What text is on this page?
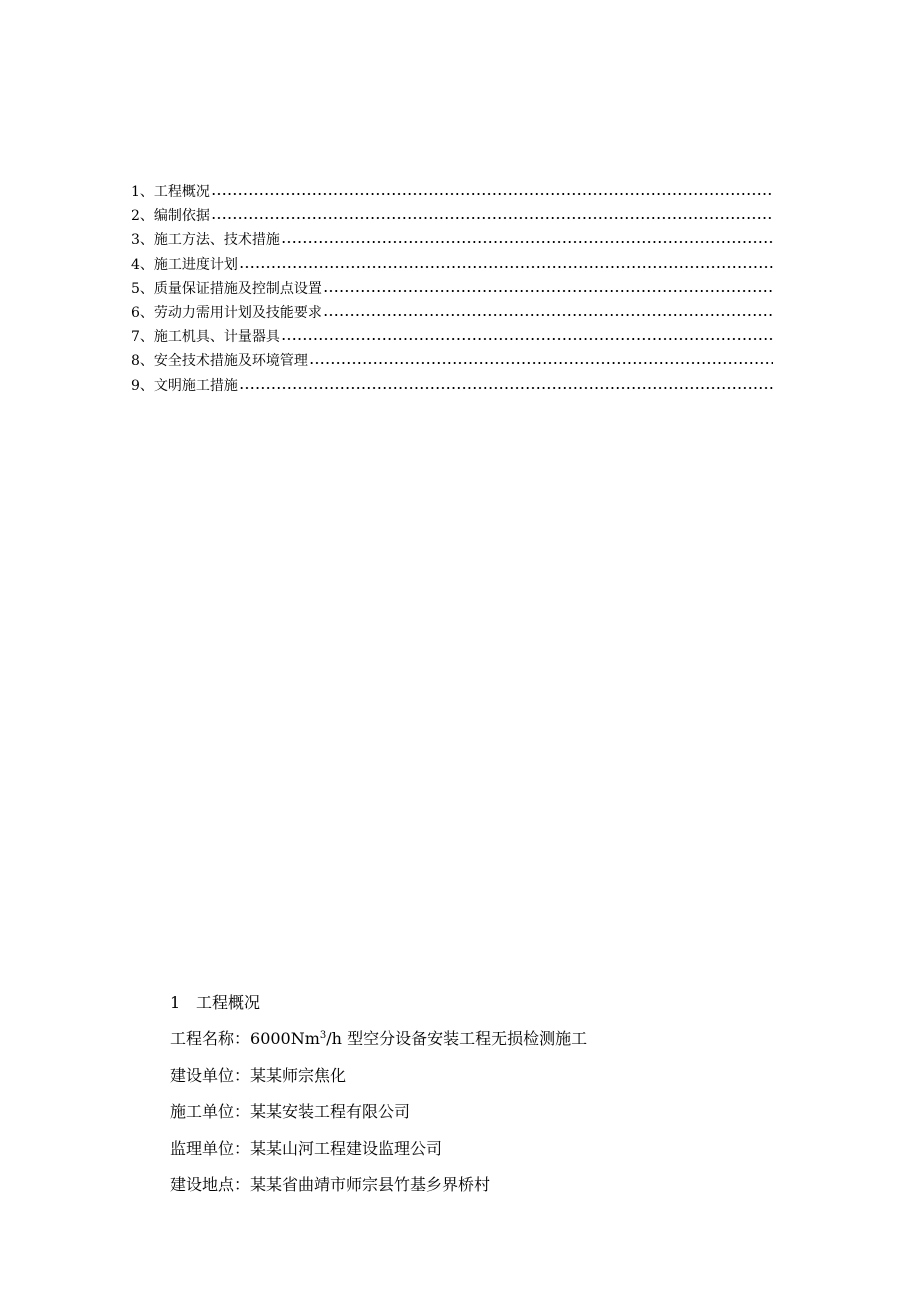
1、工程概况
2、编制依据
3、施工方法、技术措施
4、施工进度计划
5、质量保证措施及控制点设置
6、劳动力需用计划及技能要求
7、施工机具、计量器具
8、安全技术措施及环境管理
9、文明施工措施
1 工程概况
工程名称：6000Nm$^3$/h 型空分设备安装工程无损检测施工
建设单位：某某师宗焦化
施工单位：某某安装工程有限公司
监理单位：某某山河工程建设监理公司
建设地点：某某省曲靖市师宗县竹基乡界桥村
